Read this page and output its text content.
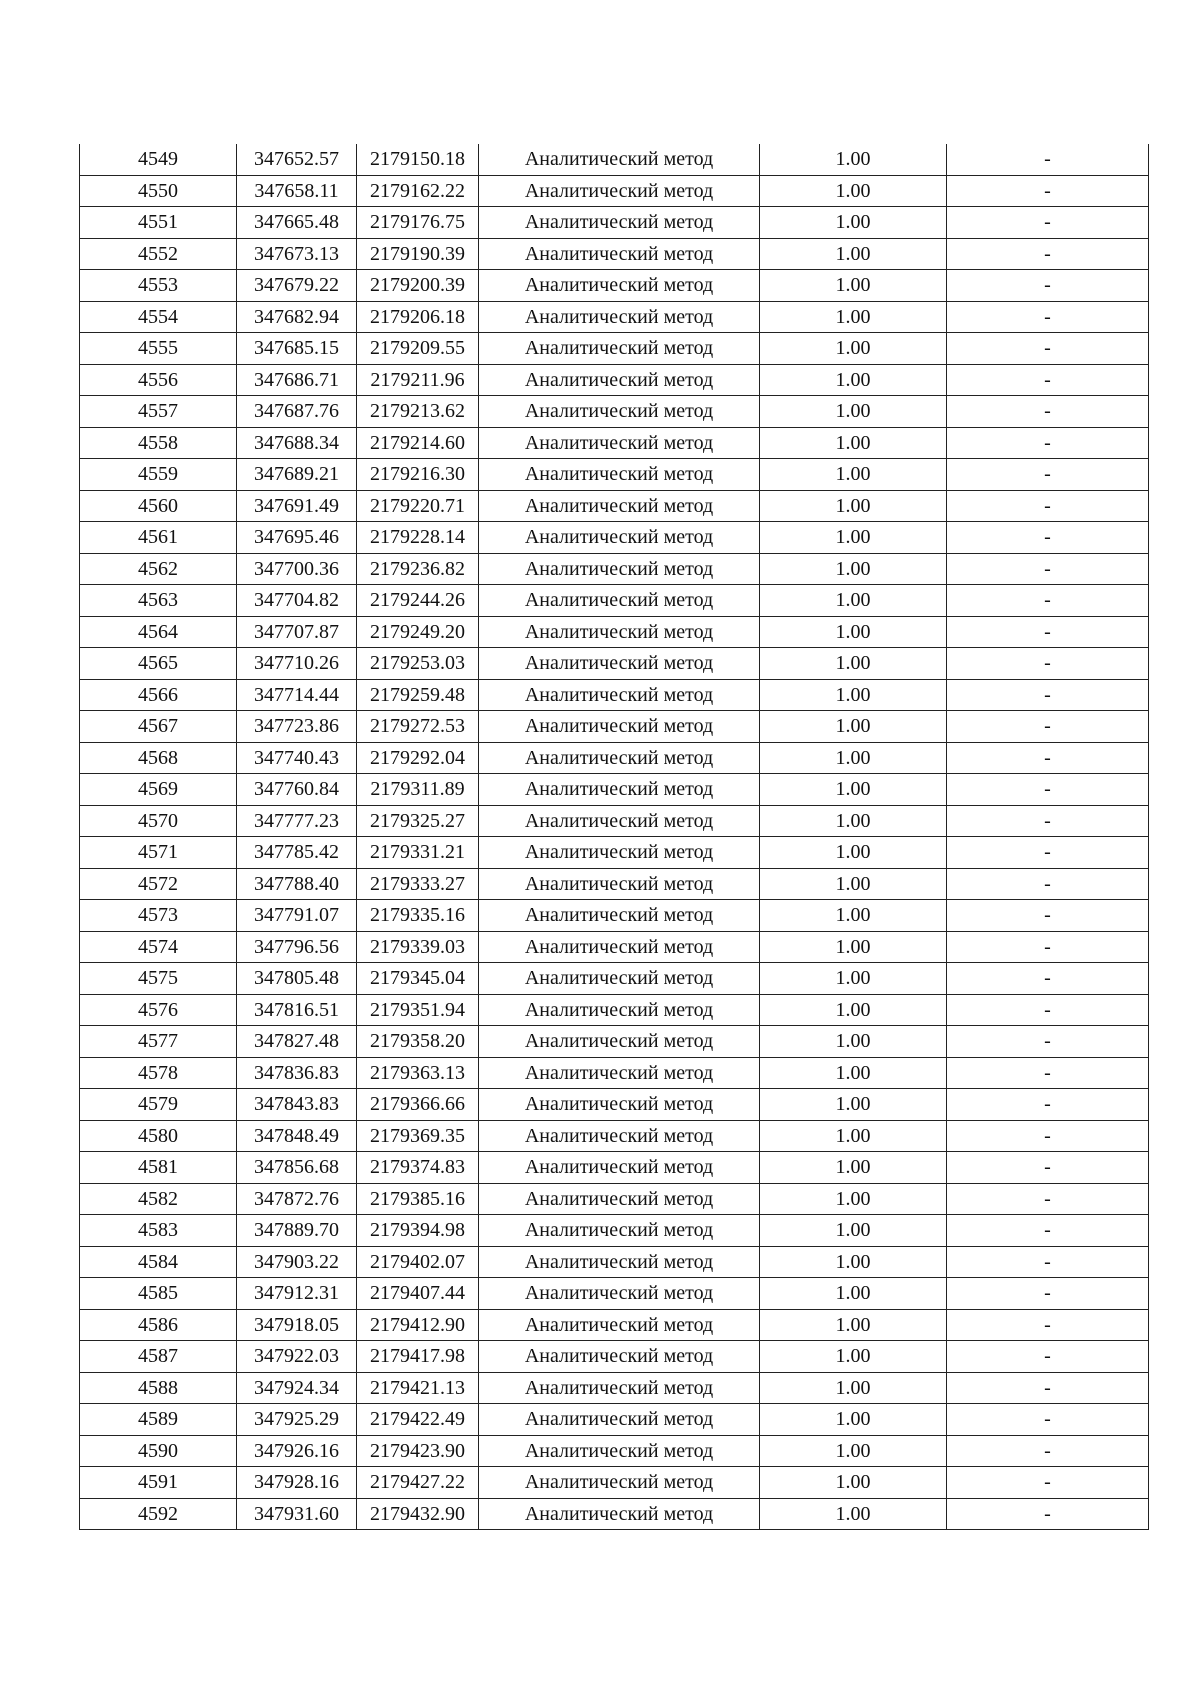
4549	347652.57	2179150.18	Аналитический метод	1.00	-
4550	347658.11	2179162.22	Аналитический метод	1.00	-
4551	347665.48	2179176.75	Аналитический метод	1.00	-
4552	347673.13	2179190.39	Аналитический метод	1.00	-
4553	347679.22	2179200.39	Аналитический метод	1.00	-
4554	347682.94	2179206.18	Аналитический метод	1.00	-
4555	347685.15	2179209.55	Аналитический метод	1.00	-
4556	347686.71	2179211.96	Аналитический метод	1.00	-
4557	347687.76	2179213.62	Аналитический метод	1.00	-
4558	347688.34	2179214.60	Аналитический метод	1.00	-
4559	347689.21	2179216.30	Аналитический метод	1.00	-
4560	347691.49	2179220.71	Аналитический метод	1.00	-
4561	347695.46	2179228.14	Аналитический метод	1.00	-
4562	347700.36	2179236.82	Аналитический метод	1.00	-
4563	347704.82	2179244.26	Аналитический метод	1.00	-
4564	347707.87	2179249.20	Аналитический метод	1.00	-
4565	347710.26	2179253.03	Аналитический метод	1.00	-
4566	347714.44	2179259.48	Аналитический метод	1.00	-
4567	347723.86	2179272.53	Аналитический метод	1.00	-
4568	347740.43	2179292.04	Аналитический метод	1.00	-
4569	347760.84	2179311.89	Аналитический метод	1.00	-
4570	347777.23	2179325.27	Аналитический метод	1.00	-
4571	347785.42	2179331.21	Аналитический метод	1.00	-
4572	347788.40	2179333.27	Аналитический метод	1.00	-
4573	347791.07	2179335.16	Аналитический метод	1.00	-
4574	347796.56	2179339.03	Аналитический метод	1.00	-
4575	347805.48	2179345.04	Аналитический метод	1.00	-
4576	347816.51	2179351.94	Аналитический метод	1.00	-
4577	347827.48	2179358.20	Аналитический метод	1.00	-
4578	347836.83	2179363.13	Аналитический метод	1.00	-
4579	347843.83	2179366.66	Аналитический метод	1.00	-
4580	347848.49	2179369.35	Аналитический метод	1.00	-
4581	347856.68	2179374.83	Аналитический метод	1.00	-
4582	347872.76	2179385.16	Аналитический метод	1.00	-
4583	347889.70	2179394.98	Аналитический метод	1.00	-
4584	347903.22	2179402.07	Аналитический метод	1.00	-
4585	347912.31	2179407.44	Аналитический метод	1.00	-
4586	347918.05	2179412.90	Аналитический метод	1.00	-
4587	347922.03	2179417.98	Аналитический метод	1.00	-
4588	347924.34	2179421.13	Аналитический метод	1.00	-
4589	347925.29	2179422.49	Аналитический метод	1.00	-
4590	347926.16	2179423.90	Аналитический метод	1.00	-
4591	347928.16	2179427.22	Аналитический метод	1.00	-
4592	347931.60	2179432.90	Аналитический метод	1.00	-
